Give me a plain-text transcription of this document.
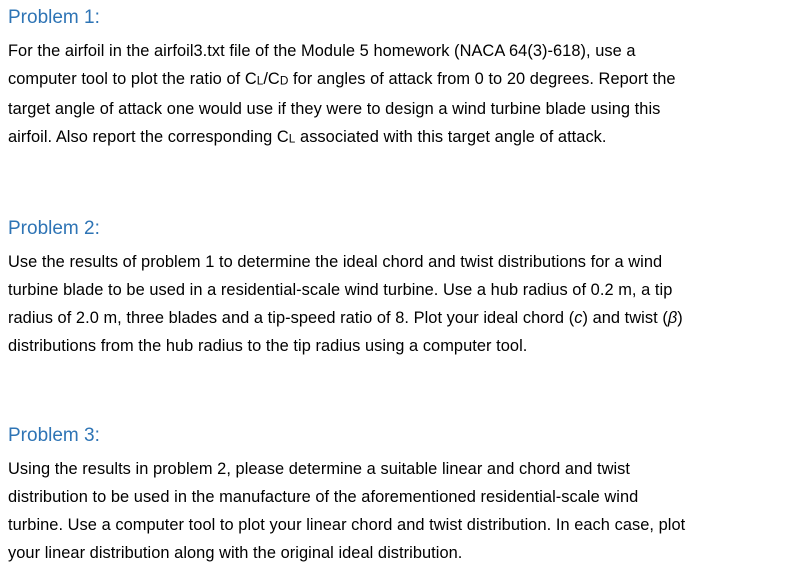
Problem 1:

For the airfoil in the airfoil3.txt file of the Module 5 homework (NACA 64(3)-618), use a
computer tool to plot the ratio of CL/CD for angles of attack from 0 to 20 degrees. Report the
target angle of attack one would use if they were to design a wind turbine blade using this
airfoil. Also report the corresponding CL associated with this target angle of attack.

Problem 2:

Use the results of problem 1 to determine the ideal chord and twist distributions for a wind
turbine blade to be used in a residential-scale wind turbine. Use a hub radius of 0.2 m, a tip
radius of 2.0 m, three blades and a tip-speed ratio of 8. Plot your ideal chord (c) and twist (β)
distributions from the hub radius to the tip radius using a computer tool.

Problem 3:

Using the results in problem 2, please determine a suitable linear and chord and twist
distribution to be used in the manufacture of the aforementioned residential-scale wind
turbine. Use a computer tool to plot your linear chord and twist distribution. In each case, plot
your linear distribution along with the original ideal distribution.
